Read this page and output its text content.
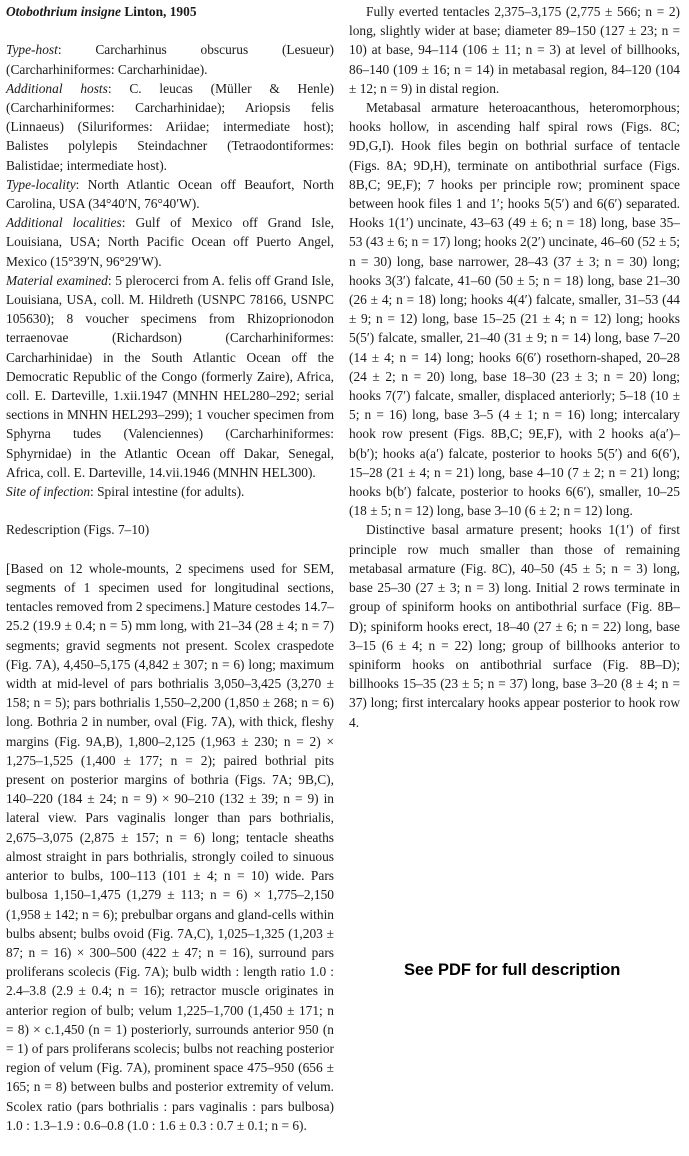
Otobothrium insigne Linton, 1905

Type-host: Carcharhinus obscurus (Lesueur) (Carcharhiniformes: Carcharhinidae).

Additional hosts: C. leucas (Müller & Henle) (Carcharhiniformes: Carcharhinidae); Ariopsis felis (Linnaeus) (Siluriformes: Ariidae; intermediate host); Balistes polylepis Steindachner (Tetraodontiformes: Balistidae; intermediate host).

Type-locality: North Atlantic Ocean off Beaufort, North Carolina, USA (34°40′N, 76°40′W).

Additional localities: Gulf of Mexico off Grand Isle, Louisiana, USA; North Pacific Ocean off Puerto Angel, Mexico (15°39′N, 96°29′W).

Material examined: 5 plerocerci from A. felis off Grand Isle, Louisiana, USA, coll. M. Hildreth (USNPC 78166, USNPC 105630); 8 voucher specimens from Rhizoprionodon terraenovae (Richardson) (Carcharhiniformes: Carcharhinidae) in the South Atlantic Ocean off the Democratic Republic of the Congo (formerly Zaire), Africa, coll. E. Darteville, 1.xii.1947 (MNHN HEL280–292; serial sections in MNHN HEL293–299); 1 voucher specimen from Sphyrna tudes (Valenciennes) (Carcharhiniformes: Sphyrnidae) in the Atlantic Ocean off Dakar, Senegal, Africa, coll. E. Darteville, 14.vii.1946 (MNHN HEL300).

Site of infection: Spiral intestine (for adults).

Redescription (Figs. 7–10)

[Based on 12 whole-mounts, 2 specimens used for SEM, segments of 1 specimen used for longitudinal sections, tentacles removed from 2 specimens.] Mature cestodes 14.7–25.2 (19.9 ± 0.4; n = 5) mm long, with 21–34 (28 ± 4; n = 7) segments; gravid segments not present. Scolex craspedote (Fig. 7A), 4,450–5,175 (4,842 ± 307; n = 6) long; maximum width at mid-level of pars bothrialis 3,050–3,425 (3,270 ± 158; n = 5); pars bothrialis 1,550–2,200 (1,850 ± 268; n = 6) long. Bothria 2 in number, oval (Fig. 7A), with thick, fleshy margins (Fig. 9A,B), 1,800–2,125 (1,963 ± 230; n = 2) × 1,275–1,525 (1,400 ± 177; n = 2); paired bothrial pits present on posterior margins of bothria (Figs. 7A; 9B,C), 140–220 (184 ± 24; n = 9) × 90–210 (132 ± 39; n = 9) in lateral view. Pars vaginalis longer than pars bothrialis, 2,675–3,075 (2,875 ± 157; n = 6) long; tentacle sheaths almost straight in pars bothrialis, strongly coiled to sinuous anterior to bulbs, 100–113 (101 ± 4; n = 10) wide. Pars bulbosa 1,150–1,475 (1,279 ± 113; n = 6) × 1,775–2,150 (1,958 ± 142; n = 6); prebulbar organs and gland-cells within bulbs absent; bulbs ovoid (Fig. 7A,C), 1,025–1,325 (1,203 ± 87; n = 16) × 300–500 (422 ± 47; n = 16), surround pars proliferans scolecis (Fig. 7A); bulb width : length ratio 1.0 : 2.4–3.8 (2.9 ± 0.4; n = 16); retractor muscle originates in anterior region of bulb; velum 1,225–1,700 (1,450 ± 171; n = 8) × c.1,450 (n = 1) posteriorly, surrounds anterior 950 (n = 1) of pars proliferans scolecis; bulbs not reaching posterior region of velum (Fig. 7A), prominent space 475–950 (656 ± 165; n = 8) between bulbs and posterior extremity of velum. Scolex ratio (pars bothrialis : pars vaginalis : pars bulbosa) 1.0 : 1.3–1.9 : 0.6–0.8 (1.0 : 1.6 ± 0.3 : 0.7 ± 0.1; n = 6).

Fully everted tentacles 2,375–3,175 (2,775 ± 566; n = 2) long, slightly wider at base; diameter 89–150 (127 ± 23; n = 10) at base, 94–114 (106 ± 11; n = 3) at level of billhooks, 86–140 (109 ± 16; n = 14) in metabasal region, 84–120 (104 ± 12; n = 9) in distal region.

Metabasal armature heteroacanthous, heteromorphous; hooks hollow, in ascending half spiral rows (Figs. 8C; 9D,G,I). Hook files begin on bothrial surface of tentacle (Figs. 8A; 9D,H), terminate on antibothrial surface (Figs. 8B,C; 9E,F); 7 hooks per principle row; prominent space between hook files 1 and 1′; hooks 5(5′) and 6(6′) separated. Hooks 1(1′) uncinate, 43–63 (49 ± 6; n = 18) long, base 35–53 (43 ± 6; n = 17) long; hooks 2(2′) uncinate, 46–60 (52 ± 5; n = 30) long, base narrower, 28–43 (37 ± 3; n = 30) long; hooks 3(3′) falcate, 41–60 (50 ± 5; n = 18) long, base 21–30 (26 ± 4; n = 18) long; hooks 4(4′) falcate, smaller, 31–53 (44 ± 9; n = 12) long, base 15–25 (21 ± 4; n = 12) long; hooks 5(5′) falcate, smaller, 21–40 (31 ± 9; n = 14) long, base 7–20 (14 ± 4; n = 14) long; hooks 6(6′) rosethorn-shaped, 20–28 (24 ± 2; n = 20) long, base 18–30 (23 ± 3; n = 20) long; hooks 7(7′) falcate, smaller, displaced anteriorly; 5–18 (10 ± 5; n = 16) long, base 3–5 (4 ± 1; n = 16) long; intercalary hook row present (Figs. 8B,C; 9E,F), with 2 hooks a(a′)–b(b′); hooks a(a′) falcate, posterior to hooks 5(5′) and 6(6′), 15–28 (21 ± 4; n = 21) long, base 4–10 (7 ± 2; n = 21) long; hooks b(b′) falcate, posterior to hooks 6(6′), smaller, 10–25 (18 ± 5; n = 12) long, base 3–10 (6 ± 2; n = 12) long.

Distinctive basal armature present; hooks 1(1′) of first principle row much smaller than those of remaining metabasal armature (Fig. 8C), 40–50 (45 ± 5; n = 3) long, base 25–30 (27 ± 3; n = 3) long. Initial 2 rows terminate in group of spiniform hooks on antibothrial surface (Fig. 8B–D); spiniform hooks erect, 18–40 (27 ± 6; n = 22) long, base 3–15 (6 ± 4; n = 22) long; group of billhooks anterior to spiniform hooks on antibothrial surface (Fig. 8B–D); billhooks 15–35 (23 ± 5; n = 37) long, base 3–20 (8 ± 4; n = 37) long; first intercalary hooks appear posterior to hook row 4.

See PDF for full description
